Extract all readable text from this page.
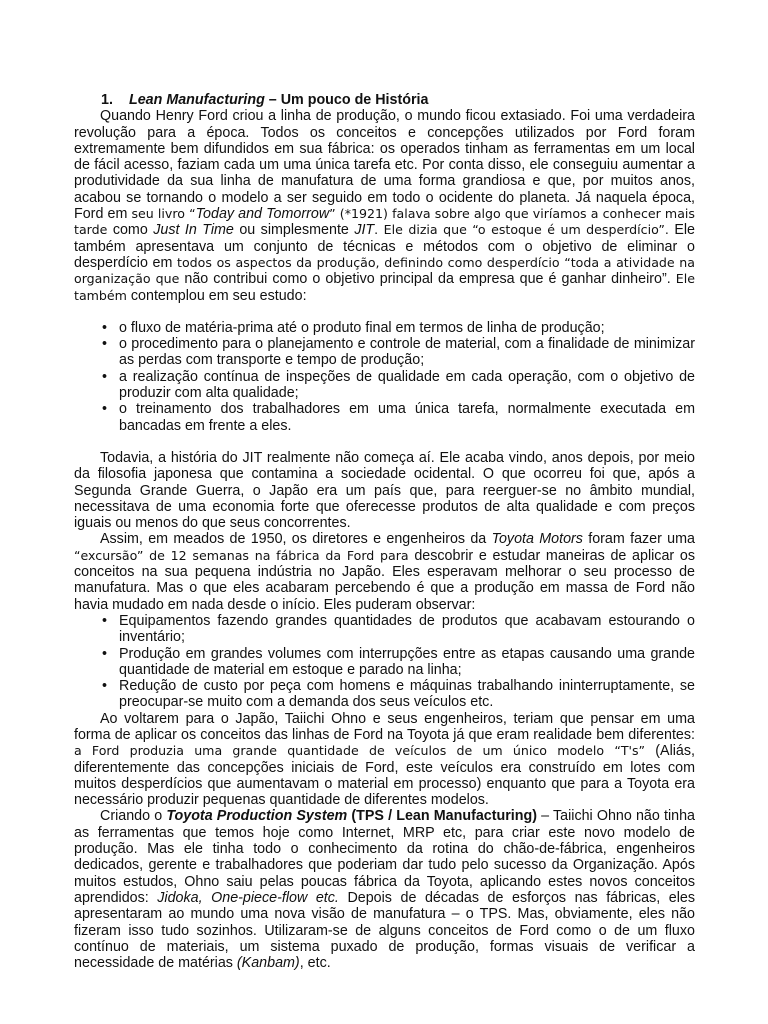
1. Lean Manufacturing – Um pouco de História

Quando Henry Ford criou a linha de produção, o mundo ficou extasiado. Foi uma verdadeira revolução para a época. Todos os conceitos e concepções utilizados por Ford foram extremamente bem difundidos em sua fábrica: os operados tinham as ferramentas em um local de fácil acesso, faziam cada um uma única tarefa etc. Por conta disso, ele conseguiu aumentar a produtividade da sua linha de manufatura de uma forma grandiosa e que, por muitos anos, acabou se tornando o modelo a ser seguido em todo o ocidente do planeta. Já naquela época, Ford em seu livro “Today and Tomorrow” (*1921) falava sobre algo que viríamos a conhecer mais tarde como Just In Time ou simplesmente JIT. Ele dizia que “o estoque é um desperdício”. Ele também apresentava um conjunto de técnicas e métodos com o objetivo de eliminar o desperdício em todos os aspectos da produção, definindo como desperdício “toda a atividade na organização que não contribui como o objetivo principal da empresa que é ganhar dinheiro”. Ele também contemplou em seu estudo:

• o fluxo de matéria-prima até o produto final em termos de linha de produção;
• o procedimento para o planejamento e controle de material, com a finalidade de minimizar as perdas com transporte e tempo de produção;
• a realização contínua de inspeções de qualidade em cada operação, com o objetivo de produzir com alta qualidade;
• o treinamento dos trabalhadores em uma única tarefa, normalmente executada em bancadas em frente a eles.

Todavia, a história do JIT realmente não começa aí. Ele acaba vindo, anos depois, por meio da filosofia japonesa que contamina a sociedade ocidental. O que ocorreu foi que, após a Segunda Grande Guerra, o Japão era um país que, para reerguer-se no âmbito mundial, necessitava de uma economia forte que oferecesse produtos de alta qualidade e com preços iguais ou menos do que seus concorrentes.

Assim, em meados de 1950, os diretores e engenheiros da Toyota Motors foram fazer uma “excursão” de 12 semanas na fábrica da Ford para descobrir e estudar maneiras de aplicar os conceitos na sua pequena indústria no Japão. Eles esperavam melhorar o seu processo de manufatura. Mas o que eles acabaram percebendo é que a produção em massa de Ford não havia mudado em nada desde o início. Eles puderam observar:

• Equipamentos fazendo grandes quantidades de produtos que acabavam estourando o inventário;
• Produção em grandes volumes com interrupções entre as etapas causando uma grande quantidade de material em estoque e parado na linha;
• Redução de custo por peça com homens e máquinas trabalhando ininterruptamente, se preocupar-se muito com a demanda dos seus veículos etc.

Ao voltarem para o Japão, Taiichi Ohno e seus engenheiros, teriam que pensar em uma forma de aplicar os conceitos das linhas de Ford na Toyota já que eram realidade bem diferentes: a Ford produzia uma grande quantidade de veículos de um único modelo “T's” (Aliás, diferentemente das concepções iniciais de Ford, este veículos era construído em lotes com muitos desperdícios que aumentavam o material em processo) enquanto que para a Toyota era necessário produzir pequenas quantidade de diferentes modelos.

Criando o Toyota Production System (TPS / Lean Manufacturing) – Taiichi Ohno não tinha as ferramentas que temos hoje como Internet, MRP etc, para criar este novo modelo de produção. Mas ele tinha todo o conhecimento da rotina do chão-de-fábrica, engenheiros dedicados, gerente e trabalhadores que poderiam dar tudo pelo sucesso da Organização. Após muitos estudos, Ohno saiu pelas poucas fábrica da Toyota, aplicando estes novos conceitos aprendidos: Jidoka, One-piece-flow etc. Depois de décadas de esforços nas fábricas, eles apresentaram ao mundo uma nova visão de manufatura – o TPS. Mas, obviamente, eles não fizeram isso tudo sozinhos. Utilizaram-se de alguns conceitos de Ford como o de um fluxo contínuo de materiais, um sistema puxado de produção, formas visuais de verificar a necessidade de matérias (Kanbam), etc.
